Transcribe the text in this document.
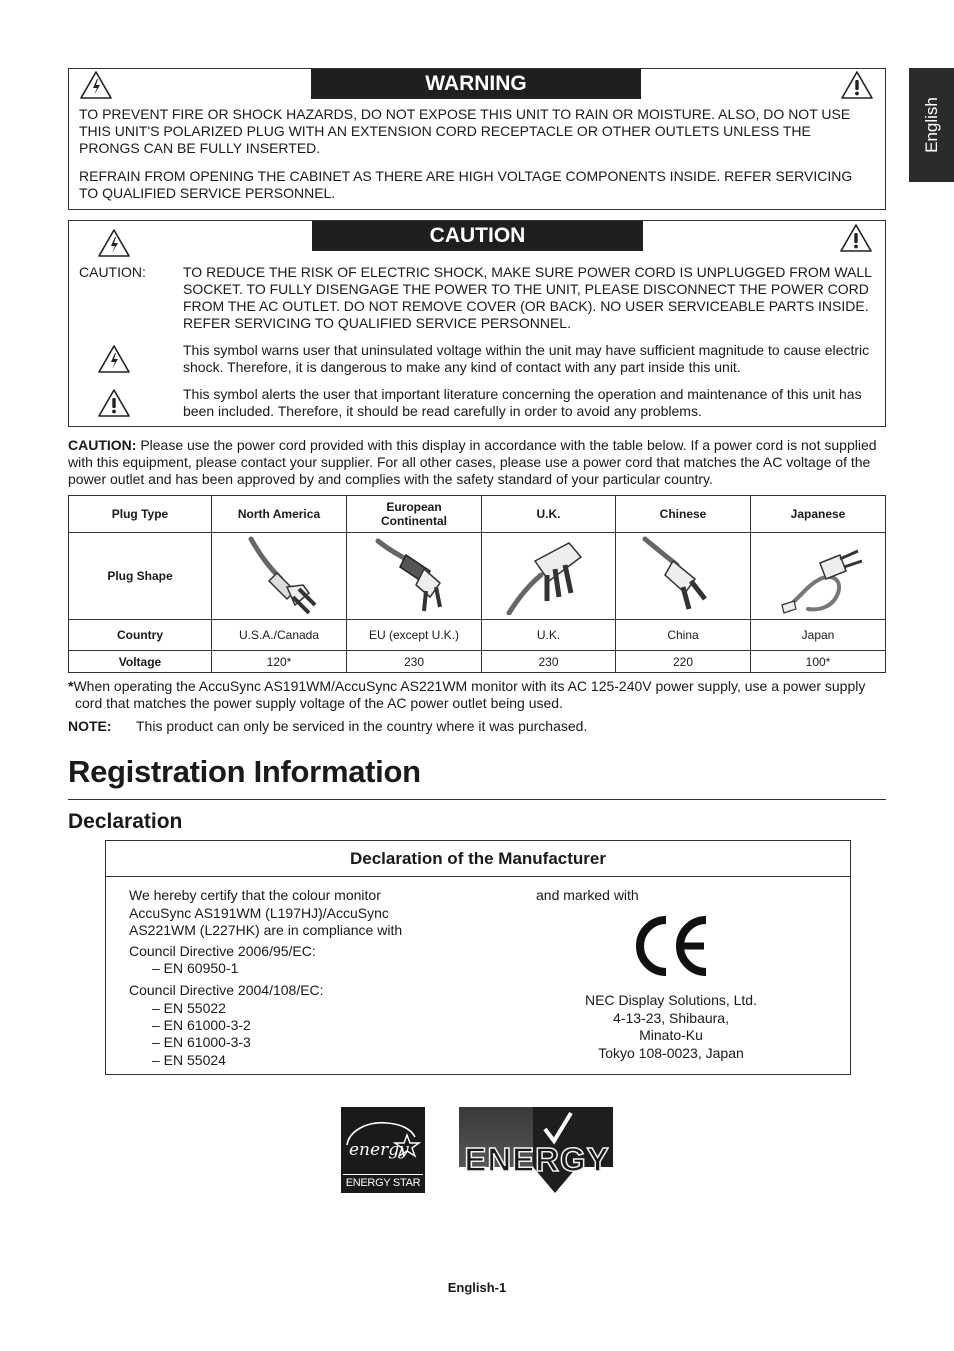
English
WARNING
TO PREVENT FIRE OR SHOCK HAZARDS, DO NOT EXPOSE THIS UNIT TO RAIN OR MOISTURE. ALSO, DO NOT USE THIS UNIT'S POLARIZED PLUG WITH AN EXTENSION CORD RECEPTACLE OR OTHER OUTLETS UNLESS THE PRONGS CAN BE FULLY INSERTED.
REFRAIN FROM OPENING THE CABINET AS THERE ARE HIGH VOLTAGE COMPONENTS INSIDE. REFER SERVICING TO QUALIFIED SERVICE PERSONNEL.
CAUTION
CAUTION:	TO REDUCE THE RISK OF ELECTRIC SHOCK, MAKE SURE POWER CORD IS UNPLUGGED FROM WALL SOCKET. TO FULLY DISENGAGE THE POWER TO THE UNIT, PLEASE DISCONNECT THE POWER CORD FROM THE AC OUTLET. DO NOT REMOVE COVER (OR BACK). NO USER SERVICEABLE PARTS INSIDE. REFER SERVICING TO QUALIFIED SERVICE PERSONNEL.
This symbol warns user that uninsulated voltage within the unit may have sufficient magnitude to cause electric shock. Therefore, it is dangerous to make any kind of contact with any part inside this unit.
This symbol alerts the user that important literature concerning the operation and maintenance of this unit has been included. Therefore, it should be read carefully in order to avoid any problems.
CAUTION: Please use the power cord provided with this display in accordance with the table below. If a power cord is not supplied with this equipment, please contact your supplier. For all other cases, please use a power cord that matches the AC voltage of the power outlet and has been approved by and complies with the safety standard of your particular country.
Plug Type	North America	European Continental	U.K.	Chinese	Japanese
Plug Shape					
Country	U.S.A./Canada	EU (except U.K.)	U.K.	China	Japan
Voltage	120*	230	230	220	100*
*When operating the AccuSync AS191WM/AccuSync AS221WM monitor with its AC 125-240V power supply, use a power supply cord that matches the power supply voltage of the AC power outlet being used.
NOTE: This product can only be serviced in the country where it was purchased.
Registration Information
Declaration
Declaration of the Manufacturer
We hereby certify that the colour monitor AccuSync AS191WM (L197HJ)/AccuSync AS221WM (L227HK) are in compliance with
Council Directive 2006/95/EC:
– EN 60950-1
Council Directive 2004/108/EC:
– EN 55022
– EN 61000-3-2
– EN 61000-3-3
– EN 55024
and marked with
NEC Display Solutions, Ltd.
4-13-23, Shibaura,
Minato-Ku
Tokyo 108-0023, Japan
energy
ENERGY STAR
ENERGY
English-1
